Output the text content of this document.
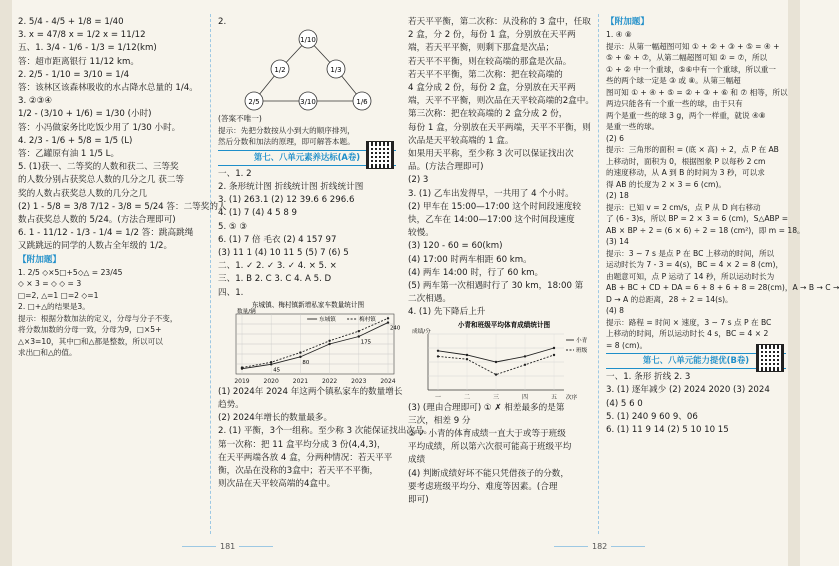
2. 5/4 - 4/5 + 1/8 = 1/40
3. x = 47/8 x = 1/2 x = 11/12
五、1. 3/4 - 1/6 - 1/3 = 1/12(km)
答：超市距离银行 11/12 km。
2. 2/5 - 1/10 = 3/10 = 1/4
答：该林区该森林吸收的水占降水总量的 1/4。
3. ②③④
1/2 - (3/10 + 1/6) = 1/30 (小时)
答：小冯做家务比吃饭少用了 1/30 小时。
4. 2/3 - 1/6 + 5/8 = 1/5 (L)
答：乙罐原有油 1 1/5 L。
5. (1)获一、二等奖的人数和获二、三等奖
的人数分别占获奖总人数的几分之几 获二等
奖的人数占获奖总人数的几分之几
(2) 1 - 5/8 = 3/8 7/12 - 3/8 = 5/24 答：二等奖的人
数占获奖总人数的 5/24。(方法合理即可)
6. 1 - 11/12 - 1/3 - 1/4 = 1/2 答：跳高跳绳
又跳跳远的同学的人数占全年级的 1/2。
【附加题】
1. 2/5 ◇×5□+5◇△ = 23/45
◇ × 3 = ◇ ◇ = 3
□=2, △=1 □=2 ◇=1
2. □+△的结果是3。
提示：根据分数加法的定义，分母与分子不变，
将分数加数的分母一致，分母为9，□×5+
△×3=10，其中□和△都是整数，所以可以
求出□和△的值。
2.
1/10
1/2	1/3
2/5	3/10	1/6
(答案不唯一)
提示：先把分数按从小到大的顺序排列，
然后分数和加法的原理，即可解答本题。
第七、八单元素养达标(A卷)
一、1. 2
2. 条形统计图 折线统计图 折线统计图
3. (1) 263.1 (2) 12 39.6 6 296.6
4. (1) 7 (4) 4 5 8 9
5. ⑤ ③
6. (1) 7 倍 毛衣 (2) 4 157 97
(3) 11 1 (4) 10 11 5 (5) 7 (6) 5
二、1. ✓ 2. ✓ 3. ✓ 4. × 5. ×
三、1. B 2. C 3. C 4. A 5. D
四、1.
东城镇、梅村镇新增私家车数量统计图
数量/辆
2019 2020 2021 2022 2023 2024
东城镇	梅村镇
45
80
175
240
(1) 2024年 2024 年这两个镇私家车的数量增长
趋势。
(2) 2024年增长的数量最多。
2. (1) 平衡，3个一组称。至少称 3 次能保证找出次品。
第一次称：把 11 盒平均分成 3 份(4,4,3)，
在天平两端各放 4 盒，分两种情况：若天平平
衡，次品在没称的3盒中；若天平不平衡，
则次品在天平较高端的4盒中。
181
若天平平衡，第二次称：从没称的 3 盒中，任取
2 盒，分 2 份，每份 1 盒，分别放在天平两
端，若天平平衡，则剩下那盒是次品；
若天平不平衡，则在较高端的那盒是次品。
若天平不平衡，第二次称：把在较高端的
4 盒分成 2 份，每份 2 盒，分别放在天平两
端，天平不平衡，则次品在天平较高端的2盒中。
第三次称：把在较高端的 2 盒分成 2 份，
每份 1 盒，分别放在天平两端，天平不平衡，则
次品是天平较高端的 1 盒。
如果用天平称，至少称 3 次可以保证找出次
品。(方法合理即可)
(2) 3
3. (1) 乙车出发得早，一共用了 4 个小时。
(2) 甲车在 15:00—17:00 这个时间段速度较
快，乙车在 14:00—17:00 这个时间段速度
较慢。
(3) 120 - 60 = 60(km)
(4) 17:00 时两车相距 60 km。
(4) 两车 14:00 时，行了 60 km。
(5) 两车第一次相遇时行了 30 km，18:00 第
二次相遇。
4. (1) 先下降后上升
小青和班级平均体育成绩统计图
成绩/分
一	二	三	四	五 次序
小青
班级
(3) (理由合理即可) ① ✗ 相差最多的是第
三次，相差 9 分
② ✓ 小青的体育成绩一直大于或等于班级
平均成绩，所以第六次很可能高于班级平均
成绩
(4) 判断成绩好坏不能只凭借孩子的分数，
要考虑班级平均分、难度等因素。(合理
即可)
【附加题】
1. ④ ⑧
提示：从第一幅超图可知 ① + ② + ③ + ⑤ = ④ +
⑤ + ⑥ + ⑦，从第二幅超图可知 ② = ⑦，所以
① + ② 中一个重球，⑤⑥中有一个重球，所以重一
些的两个球一定是 ③ 或 ⑧。从第三幅超
图可知 ① + ④ + ⑤ = ② + ③ + ⑥ 和 ⑦ 相等，所以
两边只能各有一个重一些的球，由于只有
两个是重一些的球 3 g，两个一样重，就说 ④⑧
是重一些的球。
(2) 6
提示：三角形的面积 = (底 × 高) ÷ 2，点 P 在 AB
上移动时，面积为 0，根据图象 P 以每秒 2 cm
的速度移动，从 A 到 B 的时间为 3 秒，可以求
得 AB 的长度为 2 × 3 = 6 (cm)。
(2) 18
提示：已知 v = 2 cm/s，点 P 从 D 向右移动
了 (6 - 3)s，所以 BP = 2 × 3 = 6 (cm)，S△ABP =
AB × BP ÷ 2 = (6 × 6) ÷ 2 = 18 (cm²)，即 m = 18。
(3) 14
提示：3 ~ 7 s 是点 P 在 BC 上移动的时间，所以
运动时长为 7 - 3 = 4(s)，BC = 4 × 2 = 8 (cm)，
由题意可知，点 P 运动了 14 秒，所以运动时长为
AB + BC + CD + DA = 6 + 8 + 6 + 8 = 28(cm)，A → B → C →
D → A 的总距离，28 ÷ 2 = 14(s)。
(4) 8
提示：路程 = 时间 × 速度，3 ~ 7 s 点 P 在 BC
上移动的时间，所以运动时长 4 s，BC = 4 × 2
= 8 (cm)。
第七、八单元能力提优(B卷)
一、1. 条形 折线 2. 3
3. (1) 逐年减少 (2) 2024 2020 (3) 2024
(4) 5 6 0
5. (1) 240 9 60 9、06
6. (1) 11 9 14 (2) 5 10 10 15
182
